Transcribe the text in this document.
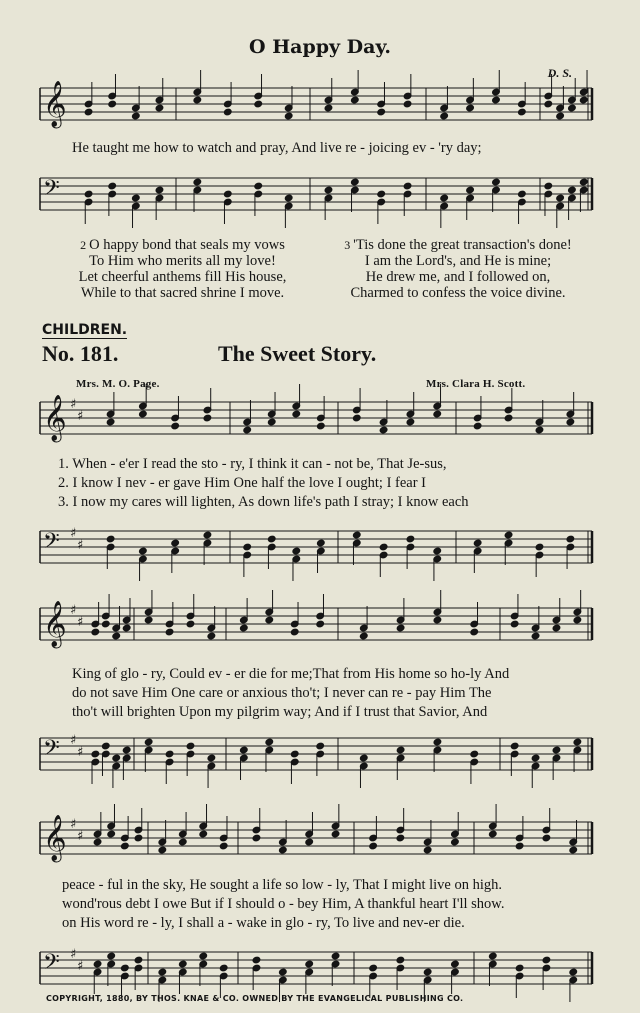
O Happy Day.
D. S.
He taught me how to watch and pray, And live re - joicing ev - 'ry day;
2 O happy bond that seals my vows
To Him who merits all my love!
Let cheerful anthems fill His house,
While to that sacred shrine I move.
3 'Tis done the great transaction's done!
I am the Lord's, and He is mine;
He drew me, and I followed on,
Charmed to confess the voice divine.
CHILDREN.
No. 181.	The Sweet Story.
Mrs. M. O. Page.	Mrs. Clara H. Scott.
1. When - e'er I read the sto - ry, I think it can - not be, That Je-sus,
2. I know I nev - er gave Him One half the love I ought; I fear I
3. I now my cares will lighten, As down life's path I stray; I know each
King of glo - ry, Could ev - er die for me;That from His home so ho-ly And
do not save Him One care or anxious tho't; I never can re - pay Him The
tho't will brighten Upon my pilgrim way; And if I trust that Savior, And
peace - ful in the sky, He sought a life so low - ly, That I might live on high.
wond'rous debt I owe But if I should o - bey Him, A thankful heart I'll show.
on His word re - ly, I shall a - wake in glo - ry, To live and nev-er die.
COPYRIGHT, 1880, BY THOS. KNAE & CO. OWNED BY THE EVANGELICAL PUBLISHING CO.
𝄞
𝄢
𝄞 ♯
♯
𝄢 ♯
♯
𝄞 ♯
♯
𝄢 ♯
♯
𝄞 ♯
♯
𝄢 ♯
♯
